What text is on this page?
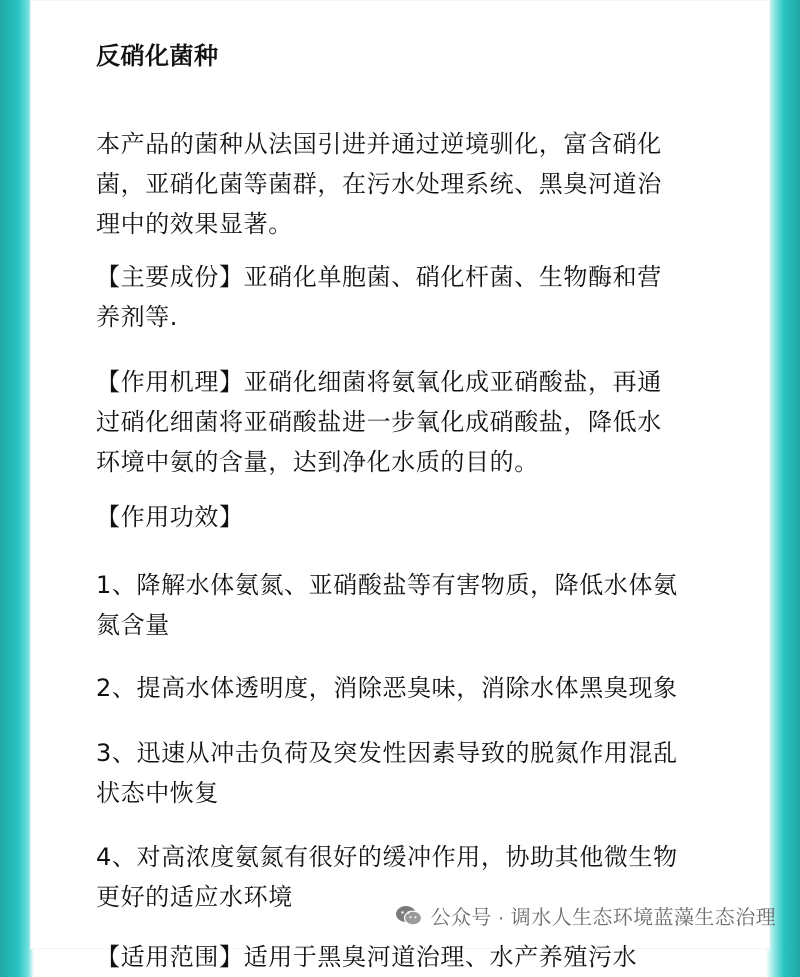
反硝化菌种
本产品的菌种从法国引进并通过逆境驯化，富含硝化
菌，亚硝化菌等菌群，在污水处理系统、黑臭河道治
理中的效果显著。
【主要成份】亚硝化单胞菌、硝化杆菌、生物酶和营
养剂等.
【作用机理】亚硝化细菌将氨氧化成亚硝酸盐，再通
过硝化细菌将亚硝酸盐进一步氧化成硝酸盐，降低水
环境中氨的含量，达到净化水质的目的。
【作用功效】
1、降解水体氨氮、亚硝酸盐等有害物质，降低水体氨
氮含量
2、提高水体透明度，消除恶臭味，消除水体黑臭现象
3、迅速从冲击负荷及突发性因素导致的脱氮作用混乱
状态中恢复
4、对高浓度氨氮有很好的缓冲作用，协助其他微生物
更好的适应水环境
【适用范围】适用于黑臭河道治理、水产养殖污水
公众号 · 调水人生态环境蓝藻生态治理
